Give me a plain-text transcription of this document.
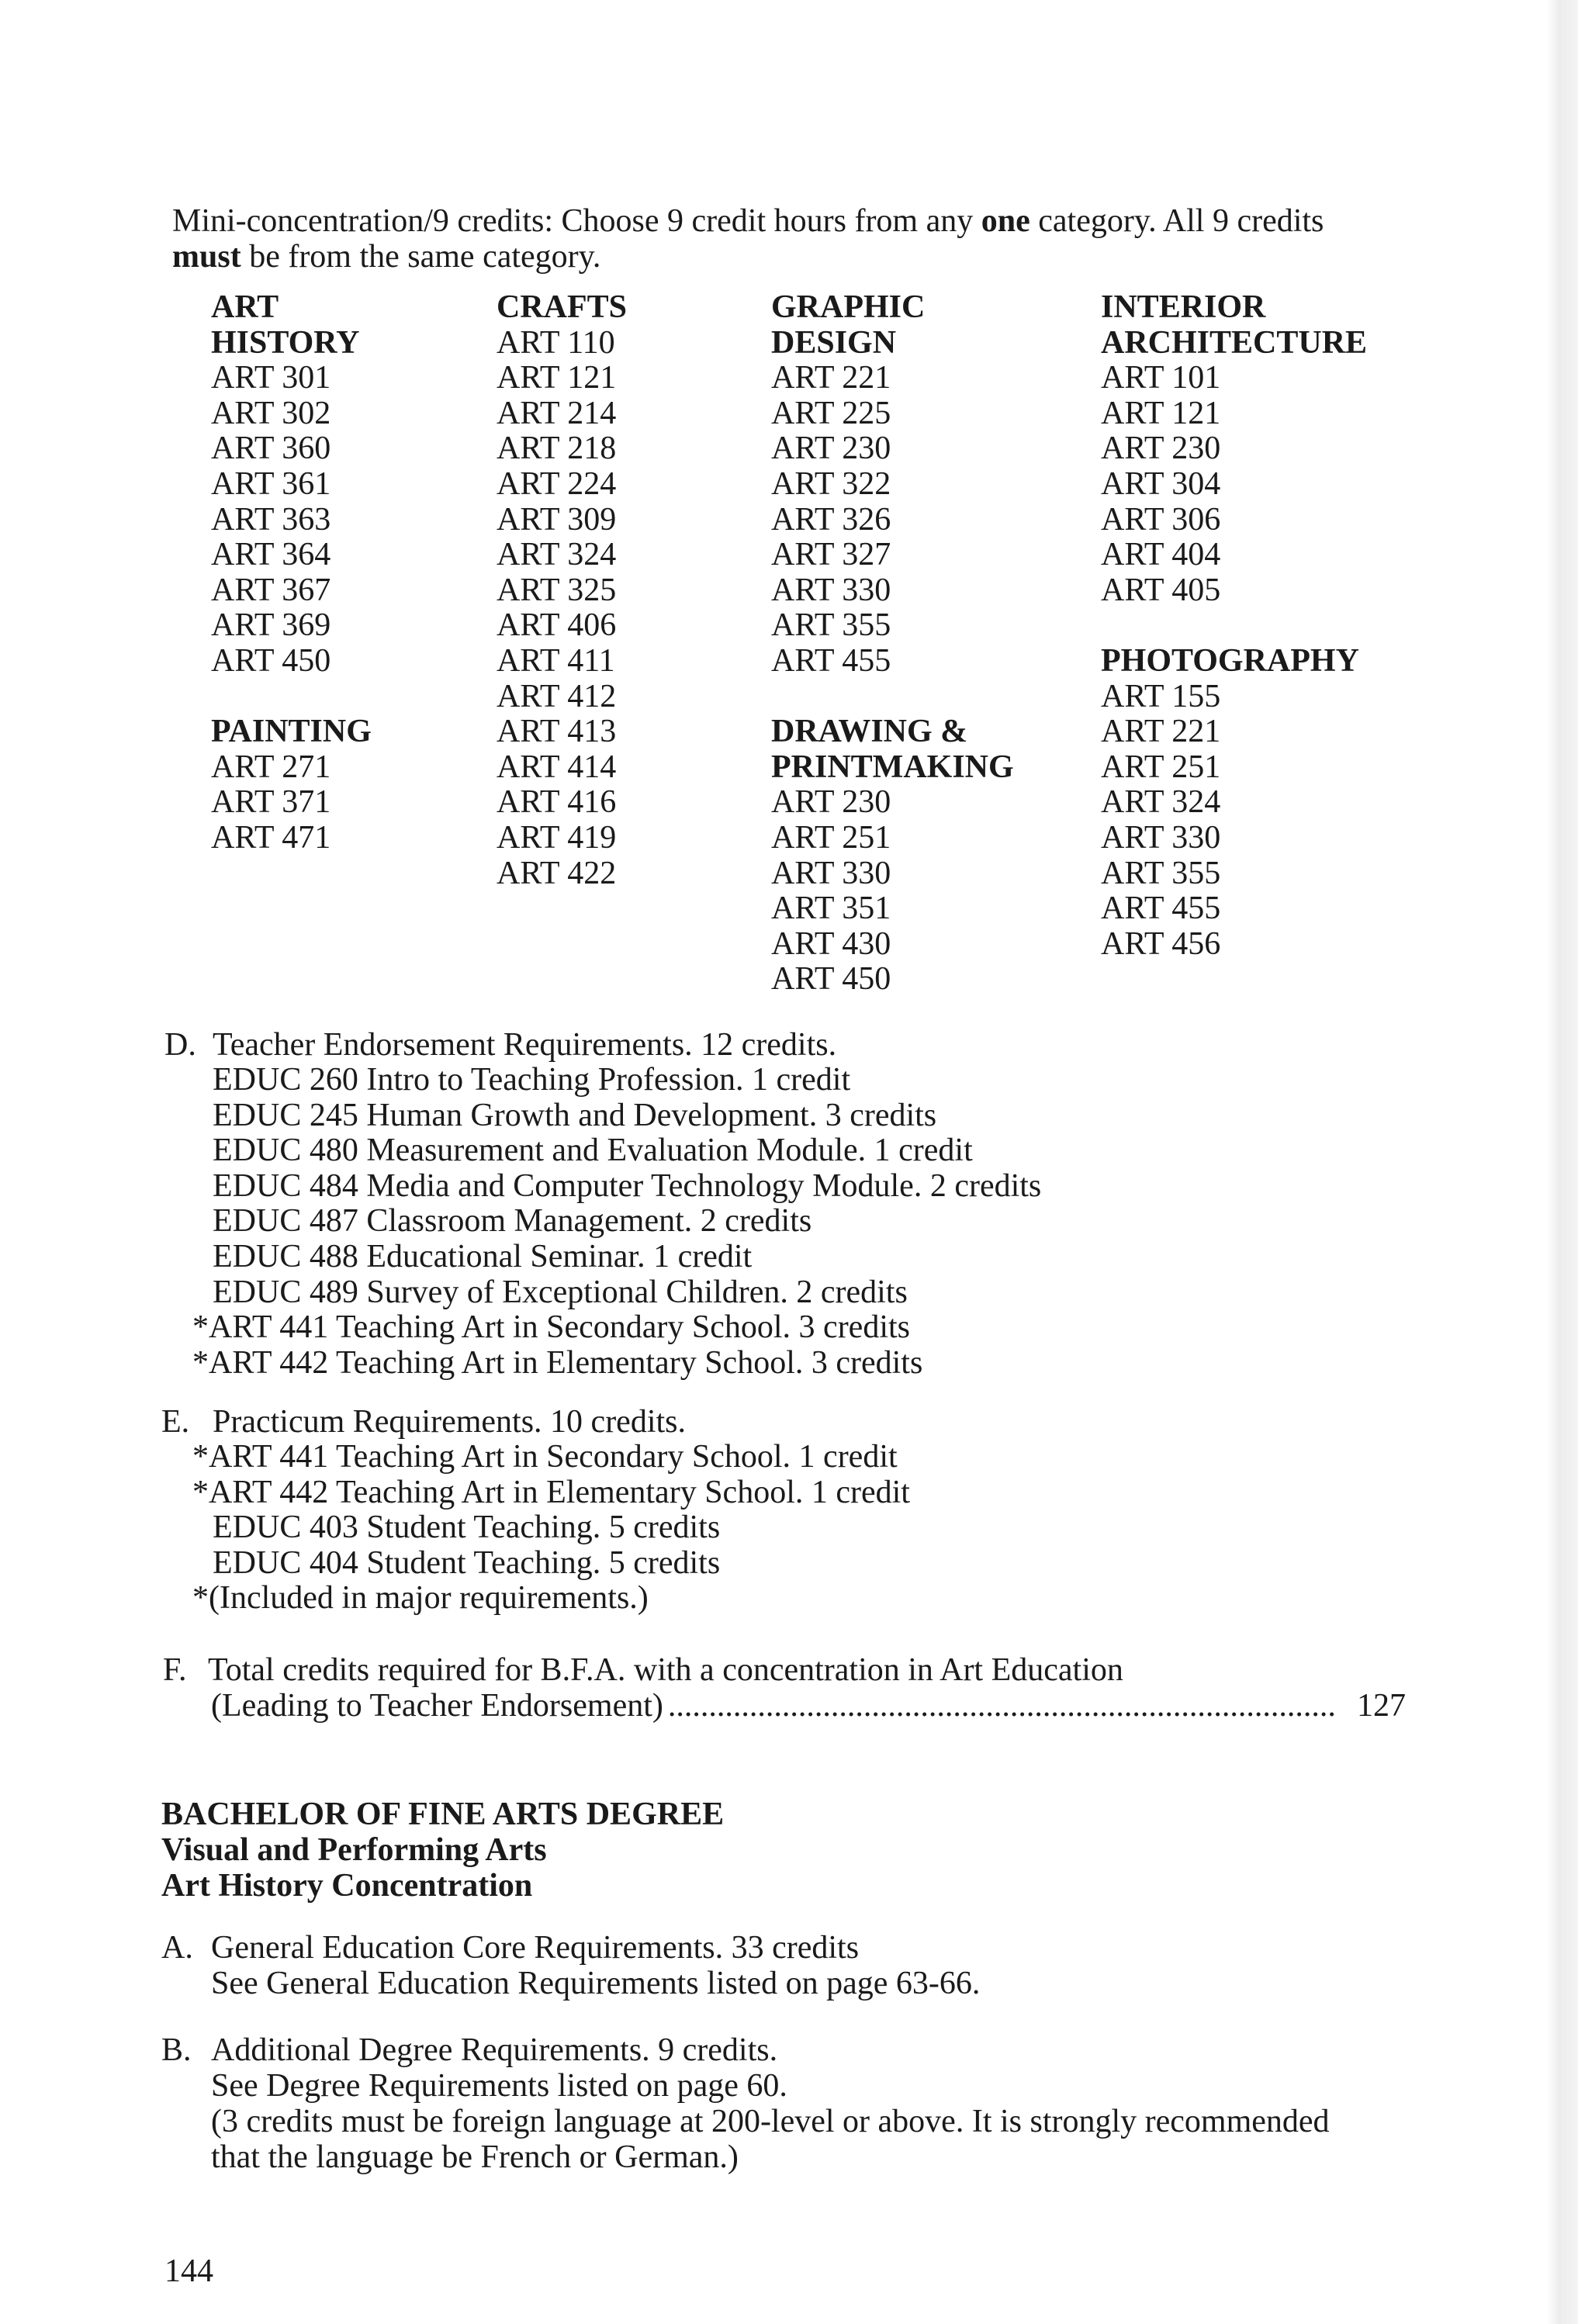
Mini-concentration/9 credits: Choose 9 credit hours from any one category. All 9 credits
must be from the same category.
ART
HISTORY
ART 301
ART 302
ART 360
ART 361
ART 363
ART 364
ART 367
ART 369
ART 450
PAINTING
ART 271
ART 371
ART 471
CRAFTS
ART 110
ART 121
ART 214
ART 218
ART 224
ART 309
ART 324
ART 325
ART 406
ART 411
ART 412
ART 413
ART 414
ART 416
ART 419
ART 422
GRAPHIC
DESIGN
ART 221
ART 225
ART 230
ART 322
ART 326
ART 327
ART 330
ART 355
ART 455
DRAWING &
PRINTMAKING
ART 230
ART 251
ART 330
ART 351
ART 430
ART 450
INTERIOR
ARCHITECTURE
ART 101
ART 121
ART 230
ART 304
ART 306
ART 404
ART 405
PHOTOGRAPHY
ART 155
ART 221
ART 251
ART 324
ART 330
ART 355
ART 455
ART 456
D. Teacher Endorsement Requirements. 12 credits.
EDUC 260 Intro to Teaching Profession. 1 credit
EDUC 245 Human Growth and Development. 3 credits
EDUC 480 Measurement and Evaluation Module. 1 credit
EDUC 484 Media and Computer Technology Module. 2 credits
EDUC 487 Classroom Management. 2 credits
EDUC 488 Educational Seminar. 1 credit
EDUC 489 Survey of Exceptional Children. 2 credits
*ART 441 Teaching Art in Secondary School. 3 credits
*ART 442 Teaching Art in Elementary School. 3 credits
E. Practicum Requirements. 10 credits.
*ART 441 Teaching Art in Secondary School. 1 credit
*ART 442 Teaching Art in Elementary School. 1 credit
EDUC 403 Student Teaching. 5 credits
EDUC 404 Student Teaching. 5 credits
*(Included in major requirements.)
F. Total credits required for B.F.A. with a concentration in Art Education
(Leading to Teacher Endorsement) .................................................................................. 127
BACHELOR OF FINE ARTS DEGREE
Visual and Performing Arts
Art History Concentration
A. General Education Core Requirements. 33 credits
See General Education Requirements listed on page 63-66.
B. Additional Degree Requirements. 9 credits.
See Degree Requirements listed on page 60.
(3 credits must be foreign language at 200-level or above. It is strongly recommended
that the language be French or German.)
144
